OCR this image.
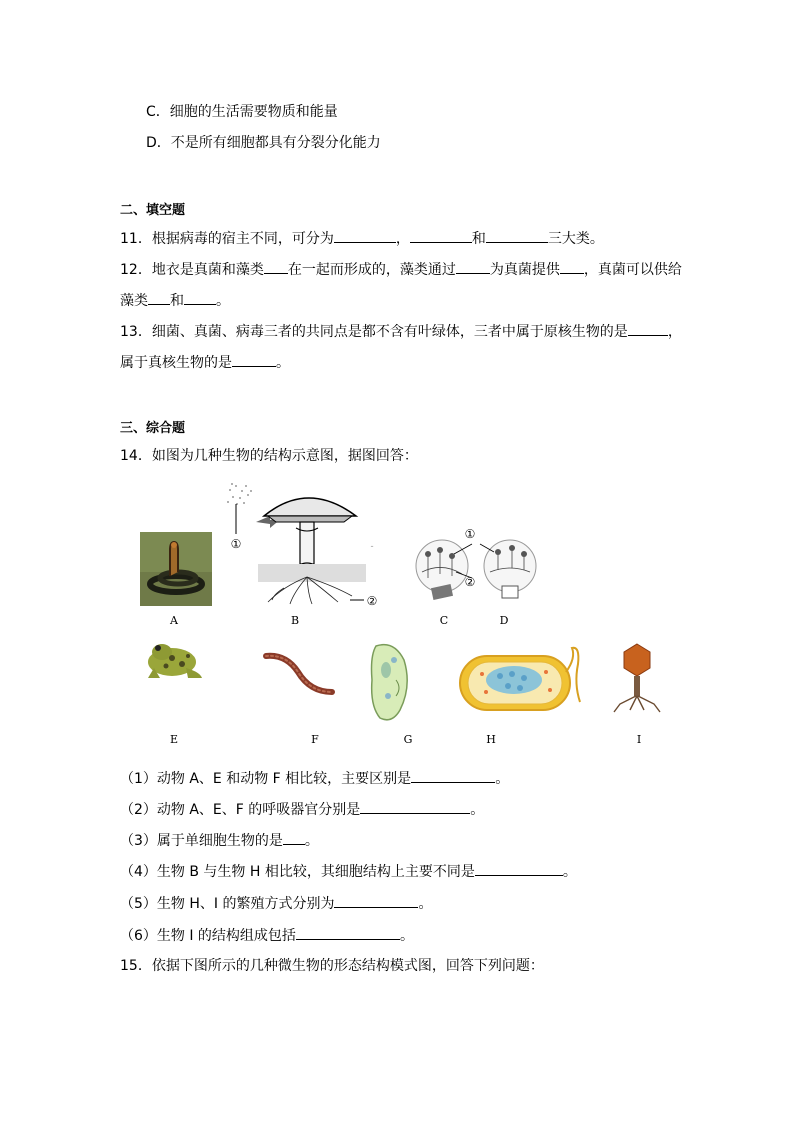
C．细胞的生活需要物质和能量
D．不是所有细胞都具有分裂分化能力
二、填空题
11．根据病毒的宿主不同，可分为	，	和	三大类。
12．地衣是真菌和藻类 在一起而形成的，藻类通过 为真菌提供 ，真菌可以供给
藻类 和 。
13．细菌、真菌、病毒三者的共同点是都不含有叶绿体，三者中属于原核生物的是	，
属于真核生物的是	。
三、综合题
14．如图为几种生物的结构示意图，据图回答：
①
②
-
①
②
A	B	C	D
E	F	G	H	I
（1）动物 A、E 和动物 F 相比较，主要区别是	。
（2）动物 A、E、F 的呼吸器官分别是	。
（3）属于单细胞生物的是 。
（4）生物 B 与生物 H 相比较，其细胞结构上主要不同是	。
（5）生物 H、I 的繁殖方式分别为	。
（6）生物 I 的结构组成包括	。
15．依据下图所示的几种微生物的形态结构模式图，回答下列问题：
